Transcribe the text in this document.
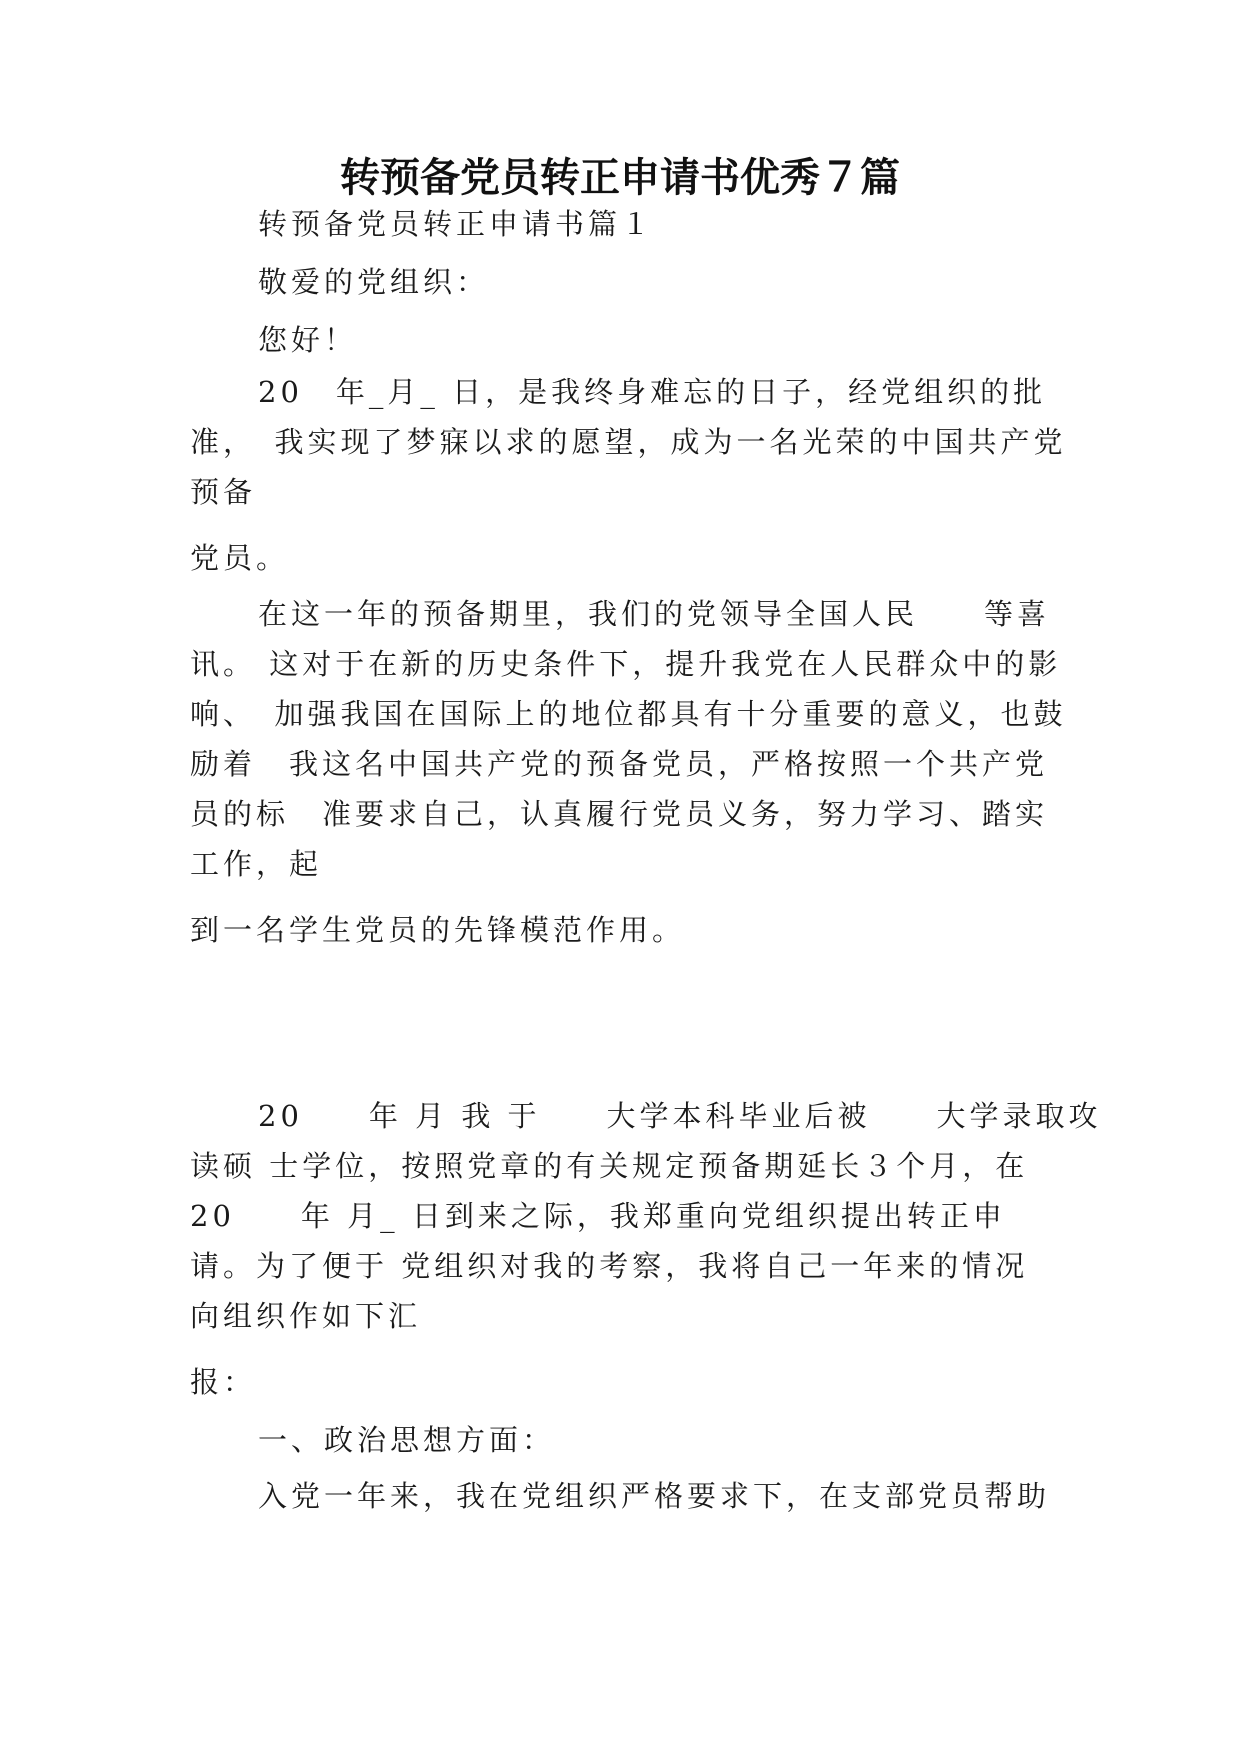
转预备党员转正申请书优秀７篇
转预备党员转正申请书篇１
敬爱的党组织：
您好！
20　年_月_ 日，是我终身难忘的日子，经党组织的批
准，　我实现了梦寐以求的愿望，成为一名光荣的中国共产党
预备
党员。
在这一年的预备期里，我们的党领导全国人民　　等喜
讯。 这对于在新的历史条件下，提升我党在人民群众中的影
响、　加强我国在国际上的地位都具有十分重要的意义，也鼓
励着　我这名中国共产党的预备党员，严格按照一个共产党
员的标　准要求自己，认真履行党员义务，努力学习、踏实
工作，起
到一名学生党员的先锋模范作用。
20　　年 月 我 于　　大学本科毕业后被　　大学录取攻
读硕 士学位，按照党章的有关规定预备期延长３个月，在
20　　年 月_ 日到来之际，我郑重向党组织提出转正申
请。为了便于 党组织对我的考察，我将自己一年来的情况
向组织作如下汇
报：
一、政治思想方面：
入党一年来，我在党组织严格要求下，在支部党员帮助
